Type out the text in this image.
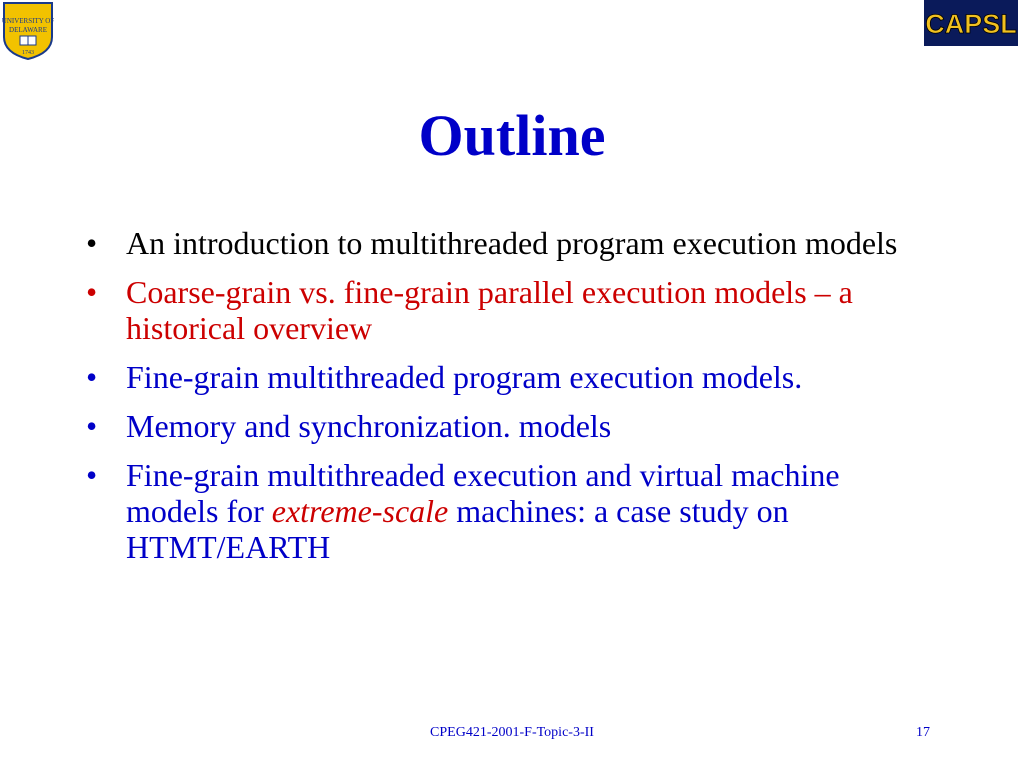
UNIVERSITY OF
DELAWARE
1743
CAPSL
Outline
• An introduction to multithreaded program execution models
• Coarse-grain vs. fine-grain parallel execution models – a historical overview
• Fine-grain multithreaded program execution models.
• Memory and synchronization. models
• Fine-grain multithreaded execution and virtual machine models for extreme-scale machines: a case study on HTMT/EARTH
CPEG421-2001-F-Topic-3-II	17
